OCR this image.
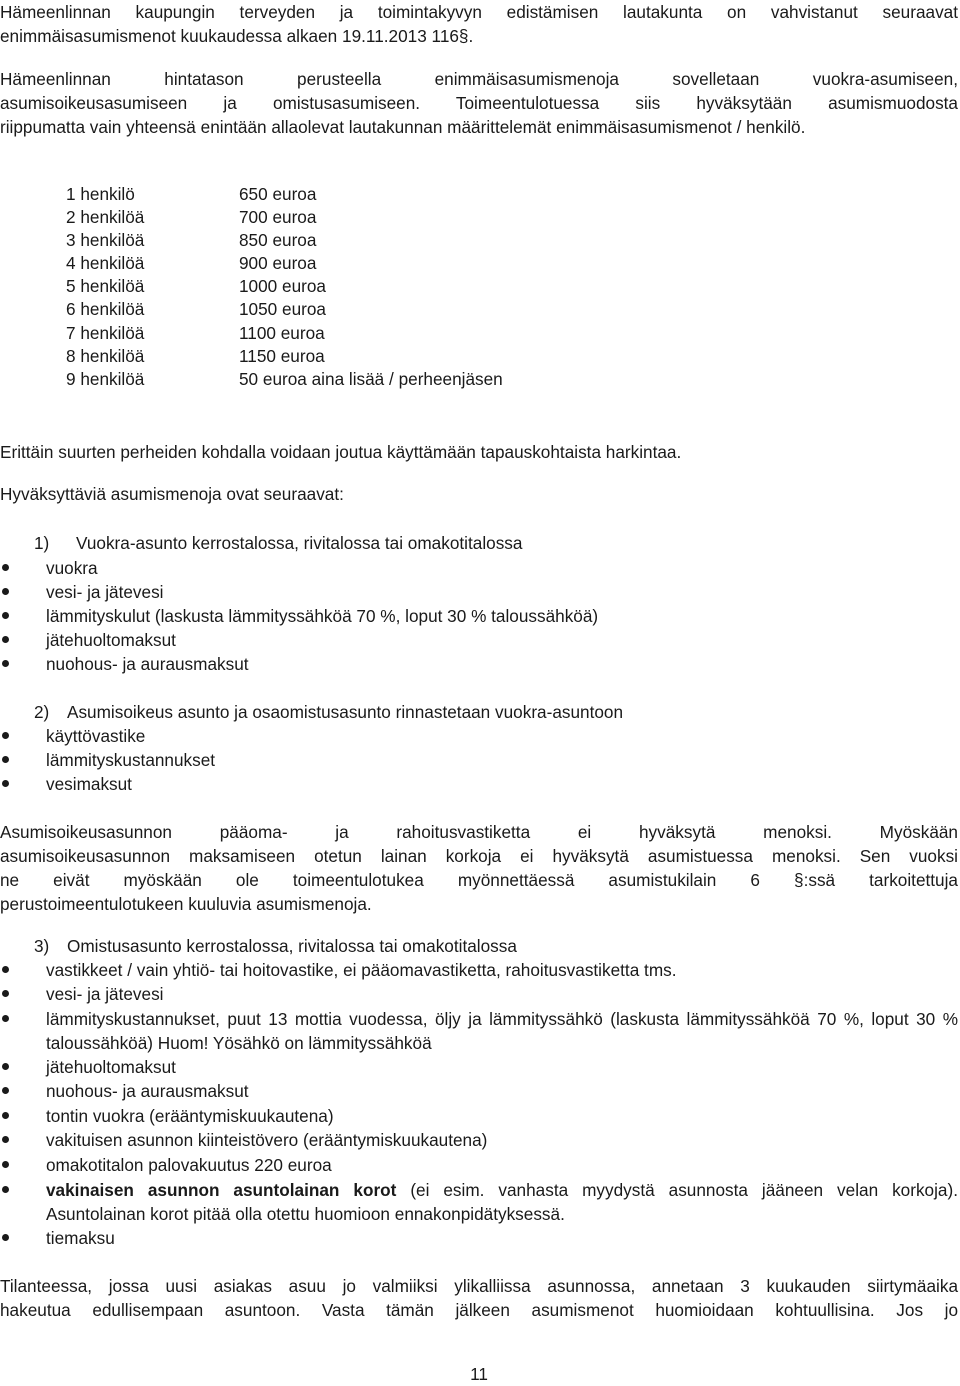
Hämeenlinnan kaupungin terveyden ja toimintakyvyn edistämisen lautakunta on vahvistanut seuraavat
enimmäisasumismenot kuukaudessa alkaen 19.11.2013 116§.

Hämeenlinnan hintatason perusteella enimmäisasumismenoja sovelletaan vuokra-asumiseen,
asumisoikeusasumiseen ja omistusasumiseen. Toimeentulotuessa siis hyväksytään asumismuodosta
riippumatta vain yhteensä enintään allaolevat lautakunnan määrittelemät enimmäisasumismenot / henkilö.

1 henkilö	650 euroa
2 henkilöä	700 euroa
3 henkilöä	850 euroa
4 henkilöä	900 euroa
5 henkilöä	1000 euroa
6 henkilöä	1050 euroa
7 henkilöä	1100 euroa
8 henkilöä	1150 euroa
9 henkilöä	50 euroa aina lisää / perheenjäsen

Erittäin suurten perheiden kohdalla voidaan joutua käyttämään tapauskohtaista harkintaa.

Hyväksyttäviä asumismenoja ovat seuraavat:

1) Vuokra-asunto kerrostalossa, rivitalossa tai omakotitalossa
vuokra
vesi- ja jätevesi
lämmityskulut (laskusta lämmityssähköä 70 %, loput 30 % taloussähköä)
jätehuoltomaksut
nuohous- ja aurausmaksut
2) Asumisoikeus asunto ja osaomistusasunto rinnastetaan vuokra-asuntoon
käyttövastike
lämmityskustannukset
vesimaksut

Asumisoikeusasunnon pääoma- ja rahoitusvastiketta ei hyväksytä menoksi. Myöskään
asumisoikeusasunnon maksamiseen otetun lainan korkoja ei hyväksytä asumistuessa menoksi. Sen vuoksi
ne eivät myöskään ole toimeentulotukea myönnettäessä asumistukilain 6 §:ssä tarkoitettuja
perustoimeentulotukeen kuuluvia asumismenoja.

3) Omistusasunto kerrostalossa, rivitalossa tai omakotitalossa
vastikkeet / vain yhtiö- tai hoitovastike, ei pääomavastiketta, rahoitusvastiketta tms.
vesi- ja jätevesi
lämmityskustannukset, puut 13 mottia vuodessa, öljy ja lämmityssähkö (laskusta lämmityssähköä 70 %, loput 30 % taloussähköä) Huom! Yösähkö on lämmityssähköä
jätehuoltomaksut
nuohous- ja aurausmaksut
tontin vuokra (erääntymiskuukautena)
vakituisen asunnon kiinteistövero (erääntymiskuukautena)
omakotitalon palovakuutus 220 euroa
vakinaisen asunnon asuntolainan korot (ei esim. vanhasta myydystä asunnosta jääneen velan korkoja). Asuntolainan korot pitää olla otettu huomioon ennakonpidätyksessä.
tiemaksu

Tilanteessa, jossa uusi asiakas asuu jo valmiiksi ylikalliissa asunnossa, annetaan 3 kuukauden siirtymäaika
hakeutua edullisempaan asuntoon. Vasta tämän jälkeen asumismenot huomioidaan kohtuullisina. Jos jo

11
